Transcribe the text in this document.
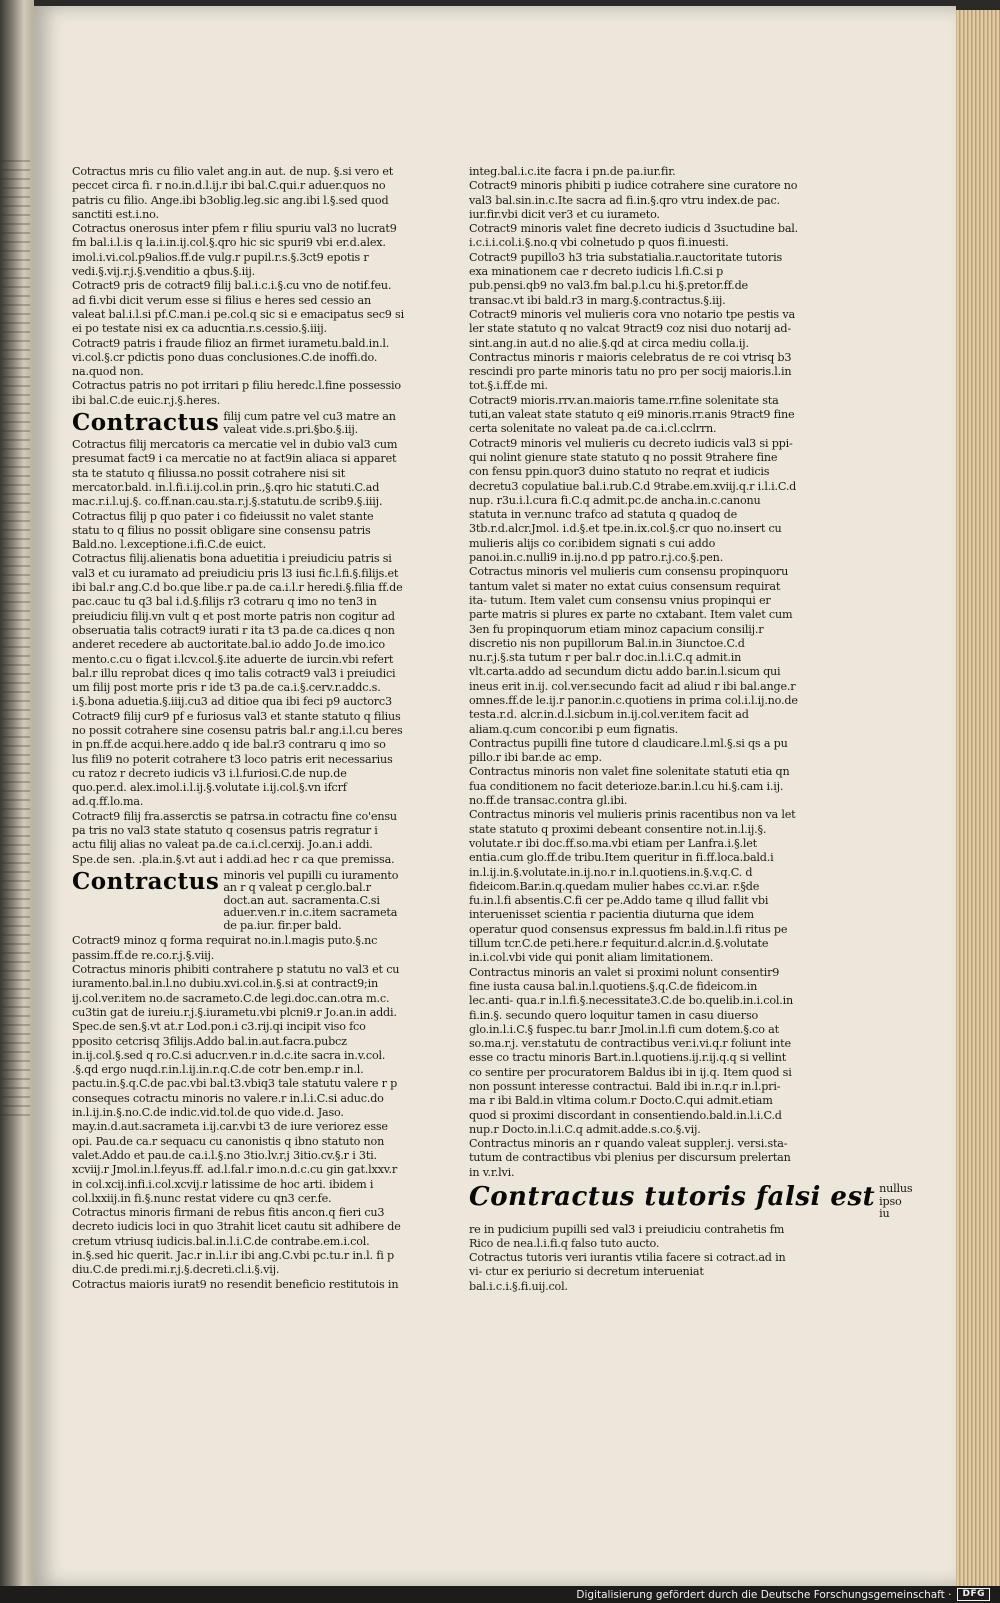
Cotractus mris cu filio valet ang.in aut. de nup. §.si vero et peccet circa fi. r no.in.d.l.ij.r ibi bal.C.qui.r aduer.quos no patris cu filio. Ange.ibi b3oblig.leg.sic ang.ibi l.§.sed quod sanctiti est.i.no.

Cotractus onerosus inter pfem r filiu spuriu val3 no lucrat9 fm bal.i.l.is q la.i.in.ij.col.§.qro hic sic spuri9 vbi er.d.alex. imol.i.vi.col.p9alios.ff.de vulg.r pupil.r.s.§.3ct9 epotis r vedi.§.vij.r.j.§.venditio a qbus.§.iij.

Cotract9 pris de cotract9 filij bal.i.c.i.§.cu vno de notif.feu. ad fi.vbi dicit verum esse si filius e heres sed cessio an valeat bal.i.l.si pf.C.man.i pe.col.q sic si e emacipatus sec9 si ei po testate nisi ex ca aducntia.r.s.cessio.§.iiij.

Cotract9 patris i fraude filioz an firmet iurametu.bald.in.l. vi.col.§.cr pdictis pono duas conclusiones.C.de inoffi.do. na.quod non.

Cotractus patris no pot irritari p filiu heredc.l.fine possessio ibi bal.C.de euic.r.j.§.heres.

Contractus filij cum patre vel cu3 matre an valeat vide.s.pri.§bo.§.iij.

Cotractus filij mercatoris ca mercatie vel in dubio val3 cum presumat fact9 i ca mercatie no at fact9in aliaca si apparet sta te statuto q filiussa.no possit cotrahere nisi sit mercator.bald. in.l.fi.i.ij.col.in prin.,§.qro hic statuti.C.ad mac.r.i.l.uj.§. co.ff.nan.cau.sta.r.j.§.statutu.de scrib9.§.iiij.

Cotractus filij p quo pater i co fideiussit no valet stante statu to q filius no possit obligare sine consensu patris Bald.no. l.exceptione.i.fi.C.de euict.

Cotractus filij.alienatis bona aduetitia i preiudiciu patris si val3 et cu iuramato ad preiudiciu pris l3 iusi fic.l.fi.§.filijs.et ibi bal.r ang.C.d bo.que libe.r pa.de ca.i.l.r heredi.§.filia ff.de pac.cauc tu q3 bal i.d.§.filijs r3 cotraru q imo no ten3 in preiudiciu filij.vn vult q et post morte patris non cogitur ad obseruatia talis cotract9 iurati r ita t3 pa.de ca.dices q non anderet recedere ab auctoritate.bal.io addo Jo.de imo.ico mento.c.cu o figat i.lcv.col.§.ite aduerte de iurcin.vbi refert bal.r illu reprobat dices q imo talis cotract9 val3 i preiudici um filij post morte pris r ide t3 pa.de ca.i.§.cerv.r.addc.s. i.§.bona aduetia.§.iiij.cu3 ad ditioe qua ibi feci p9 auctorc3

Cotract9 filij cur9 pf e furiosus val3 et stante statuto q filius no possit cotrahere sine cosensu patris bal.r ang.i.l.cu beres in pn.ff.de acqui.here.addo q ide bal.r3 contraru q imo so lus fili9 no poterit cotrahere t3 loco patris erit necessarius cu ratoz r decreto iudicis v3 i.l.furiosi.C.de nup.de quo.per.d. alex.imol.i.l.ij.§.volutate i.ij.col.§.vn ifcrf ad.q.ff.lo.ma.

Cotract9 filij fra.asserctis se patrsa.in cotractu fine co'ensu pa tris no val3 state statuto q cosensus patris regratur i actu filij alias no valeat pa.de ca.i.cl.cerxij. Jo.an.i addi. Spe.de sen. .pla.in.§.vt aut i addi.ad hec r ca que premissa.

Contractus minoris vel pupilli cu iuramento an r q valeat p cer.glo.bal.r doct.an aut. sacramenta.C.si aduer.ven.r in.c.item sacrameta de pa.iur. fir.per bald.

Cotract9 minoz q forma requirat no.in.l.magis puto.§.nc passim.ff.de re.co.r.j.§.viij.

Cotractus minoris phibiti contrahere p statutu no val3 et cu iuramento.bal.in.l.no dubiu.xvi.col.in.§.si at contract9;in ij.col.ver.item no.de sacrameto.C.de legi.doc.can.otra m.c. cu3tin gat de iureiu.r.j.§.iurametu.vbi plcni9.r Jo.an.in addi. Spec.de sen.§.vt at.r Lod.pon.i c3.rij.qi incipit viso fco pposito cetcrisq 3filijs.Addo bal.in.aut.facra.pubcz in.ij.col.§.sed q ro.C.si aducr.ven.r in.d.c.ite sacra in.v.col. .§.qd ergo nuqd.r.in.l.ij.in.r.q.C.de cotr ben.emp.r in.l. pactu.in.§.q.C.de pac.vbi bal.t3.vbiq3 tale statutu valere r p conseques cotractu minoris no valere.r in.l.i.C.si aduc.do in.l.ij.in.§.no.C.de indic.vid.tol.de quo vide.d. Jaso. may.in.d.aut.sacrameta i.ij.car.vbi t3 de iure veriorez esse opi. Pau.de ca.r sequacu cu canonistis q ibno statuto non valet.Addo et pau.de ca.i.l.§.no 3tio.lv.r.j 3itio.cv.§.r i 3ti. xcviij.r Jmol.in.l.feyus.ff. ad.l.fal.r imo.n.d.c.cu gin gat.lxxv.r in col.xcij.infi.i.col.xcvij.r latissime de hoc arti. ibidem i col.lxxiij.in fi.§.nunc restat videre cu qn3 cer.fe.

Cotractus minoris firmani de rebus fitis ancon.q fieri cu3 decreto iudicis loci in quo 3trahit licet cautu sit adhibere de cretum vtriusq iudicis.bal.in.l.i.C.de contrabe.em.i.col. in.§.sed hic querit. Jac.r in.l.i.r ibi ang.C.vbi pc.tu.r in.l. fi p diu.C.de predi.mi.r.j.§.decreti.cl.i.§.vij.

Cotractus maioris iurat9 no resendit beneficio restitutois in

integ.bal.i.c.ite facra i pn.de pa.iur.fir.

Cotract9 minoris phibiti p iudice cotrahere sine curatore no val3 bal.sin.in.c.Ite sacra ad fi.in.§.qro vtru index.de pac. iur.fir.vbi dicit ver3 et cu iurameto.

Cotract9 minoris valet fine decreto iudicis d 3suctudine bal. i.c.i.i.col.i.§.no.q vbi colnetudo p quos fi.inuesti.

Cotract9 pupillo3 h3 tria substatialia.r.auctoritate tutoris exa minationem cae r decreto iudicis l.fi.C.si p pub.pensi.qb9 no val3.fm bal.p.l.cu hi.§.pretor.ff.de transac.vt ibi bald.r3 in marg.§.contractus.§.iij.

Cotract9 minoris vel mulieris cora vno notario tpe pestis va ler state statuto q no valcat 9tract9 coz nisi duo notarij ad- sint.ang.in aut.d no alie.§.qd at circa mediu colla.ij.

Contractus minoris r maioris celebratus de re coi vtrisq b3 rescindi pro parte minoris tatu no pro per socij maioris.l.in tot.§.i.ff.de mi.

Cotract9 mioris.rrv.an.maioris tame.rr.fine solenitate sta tuti,an valeat state statuto q ei9 minoris.rr.anis 9tract9 fine certa solenitate no valeat pa.de ca.i.cl.cclrrn.

Cotract9 minoris vel mulieris cu decreto iudicis val3 si ppi- qui nolint gienure state statuto q no possit 9trahere fine con fensu ppin.quor3 duino statuto no reqrat et iudicis decretu3 copulatiue bal.i.rub.C.d 9trabe.em.xviij.q.r i.l.i.C.d nup. r3u.i.l.cura fi.C.q admit.pc.de ancha.in.c.canonu statuta in ver.nunc trafco ad statuta q quadoq de 3tb.r.d.alcr.Jmol. i.d.§.et tpe.in.ix.col.§.cr quo no.insert cu mulieris alijs co cor.ibidem signati s cui addo panoi.in.c.nulli9 in.ij.no.d pp patro.r.j.co.§.pen.

Cotractus minoris vel mulieris cum consensu propinquoru tantum valet si mater no extat cuius consensum requirat ita- tutum. Item valet cum consensu vnius propinqui er parte matris si plures ex parte no cxtabant. Item valet cum 3en fu propinquorum etiam minoz capacium consilij.r discretio nis non pupillorum Bal.in.in 3iunctoe.C.d nu.r.j.§.sta tutum r per bal.r doc.in.l.i.C.q admit.in vlt.carta.addo ad secundum dictu addo bar.in.l.sicum qui ineus erit in.ij. col.ver.secundo facit ad aliud r ibi bal.ange.r omnes.ff.de le.ij.r panor.in.c.quotiens in prima col.i.l.ij.no.de testa.r.d. alcr.in.d.l.sicbum in.ij.col.ver.item facit ad aliam.q.cum concor.ibi p eum fignatis.

Contractus pupilli fine tutore d claudicare.l.ml.§.si qs a pu pillo.r ibi bar.de ac emp.

Contractus minoris non valet fine solenitate statuti etia qn fua conditionem no facit deterioze.bar.in.l.cu hi.§.cam i.ij. no.ff.de transac.contra gl.ibi.

Contractus minoris vel mulieris prinis racentibus non va let state statuto q proximi debeant consentire not.in.l.ij.§. volutate.r ibi doc.ff.so.ma.vbi etiam per Lanfra.i.§.let entia.cum glo.ff.de tribu.Item queritur in fi.ff.loca.bald.i in.l.ij.in.§.volutate.in.ij.no.r in.l.quotiens.in.§.v.q.C. d fideicom.Bar.in.q.quedam mulier habes cc.vi.ar. r.§de fu.in.l.fi absentis.C.fi cer pe.Addo tame q illud fallit vbi interuenisset scientia r pacientia diuturna que idem operatur quod consensus expressus fm bald.in.l.fi ritus pe tillum tcr.C.de peti.here.r fequitur.d.alcr.in.d.§.volutate in.i.col.vbi vide qui ponit aliam limitationem.

Contractus minoris an valet si proximi nolunt consentir9 fine iusta causa bal.in.l.quotiens.§.q.C.de fideicom.in lec.anti- qua.r in.l.fi.§.necessitate3.C.de bo.quelib.in.i.col.in fi.in.§. secundo quero loquitur tamen in casu diuerso glo.in.l.i.C.§ fuspec.tu bar.r Jmol.in.l.fi cum dotem.§.co at so.ma.r.j. ver.statutu de contractibus ver.i.vi.q.r foliunt inte esse co tractu minoris Bart.in.l.quotiens.ij.r.ij.q.q si vellint co sentire per procuratorem Baldus ibi in ij.q. Item quod si non possunt interesse contractui. Bald ibi in.r.q.r in.l.pri- ma r ibi Bald.in vltima colum.r Docto.C.qui admit.etiam quod si proximi discordant in consentiendo.bald.in.l.i.C.d nup.r Docto.in.l.i.C.q admit.adde.s.co.§.vij.

Contractus minoris an r quando valeat suppler.j. versi.sta- tutum de contractibus vbi plenius per discursum prelertan in v.r.lvi.

Contractus tutoris falsi est nullus ipso iu

re in pudicium pupilli sed val3 i preiudiciu contrahetis fm Rico de nea.l.i.fi.q falso tuto aucto.

Cotractus tutoris veri iurantis vtilia facere si cotract.ad in vi- ctur ex periurio si decretum interueniat bal.i.c.i.§.fi.uij.col.

Digitalisierung gefördert durch die Deutsche Forschungsgemeinschaft ·	DFG
